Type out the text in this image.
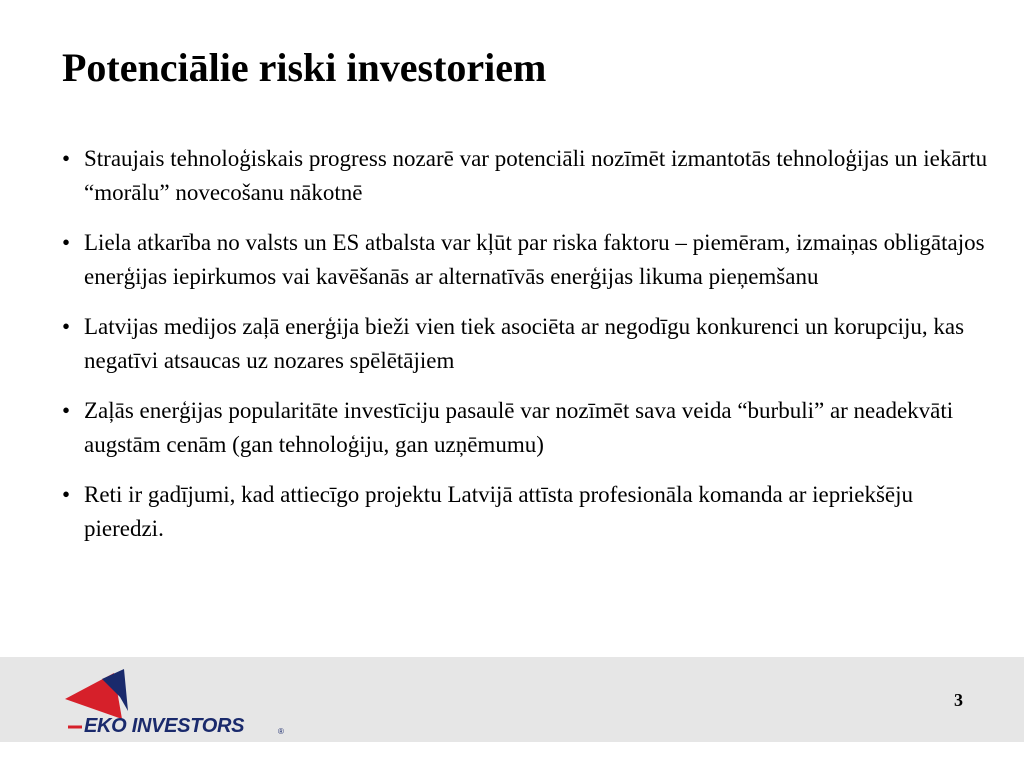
Potenciālie riski investoriem
• Straujais tehnoloģiskais progress nozarē var potenciāli nozīmēt izmantotās tehnoloģijas un iekārtu “morālu” novecošanu nākotnē
• Liela atkarība no valsts un ES atbalsta var kļūt par riska faktoru – piemēram, izmaiņas obligātajos enerģijas iepirkumos vai kavēšanās ar alternatīvās enerģijas likuma pieņemšanu
• Latvijas medijos zaļā enerģija bieži vien tiek asociēta ar negodīgu konkurenci un korupciju, kas negatīvi atsaucas uz nozares spēlētājiem
• Zaļās enerģijas popularitāte investīciju pasaulē var nozīmēt sava veida “burbuli” ar neadekvāti augstām cenām (gan tehnoloģiju, gan uzņēmumu)
• Reti ir gadījumi, kad attiecīgo projektu Latvijā attīsta profesionāla komanda ar iepriekšēju pieredzi.
EKO INVESTORS	®
3
